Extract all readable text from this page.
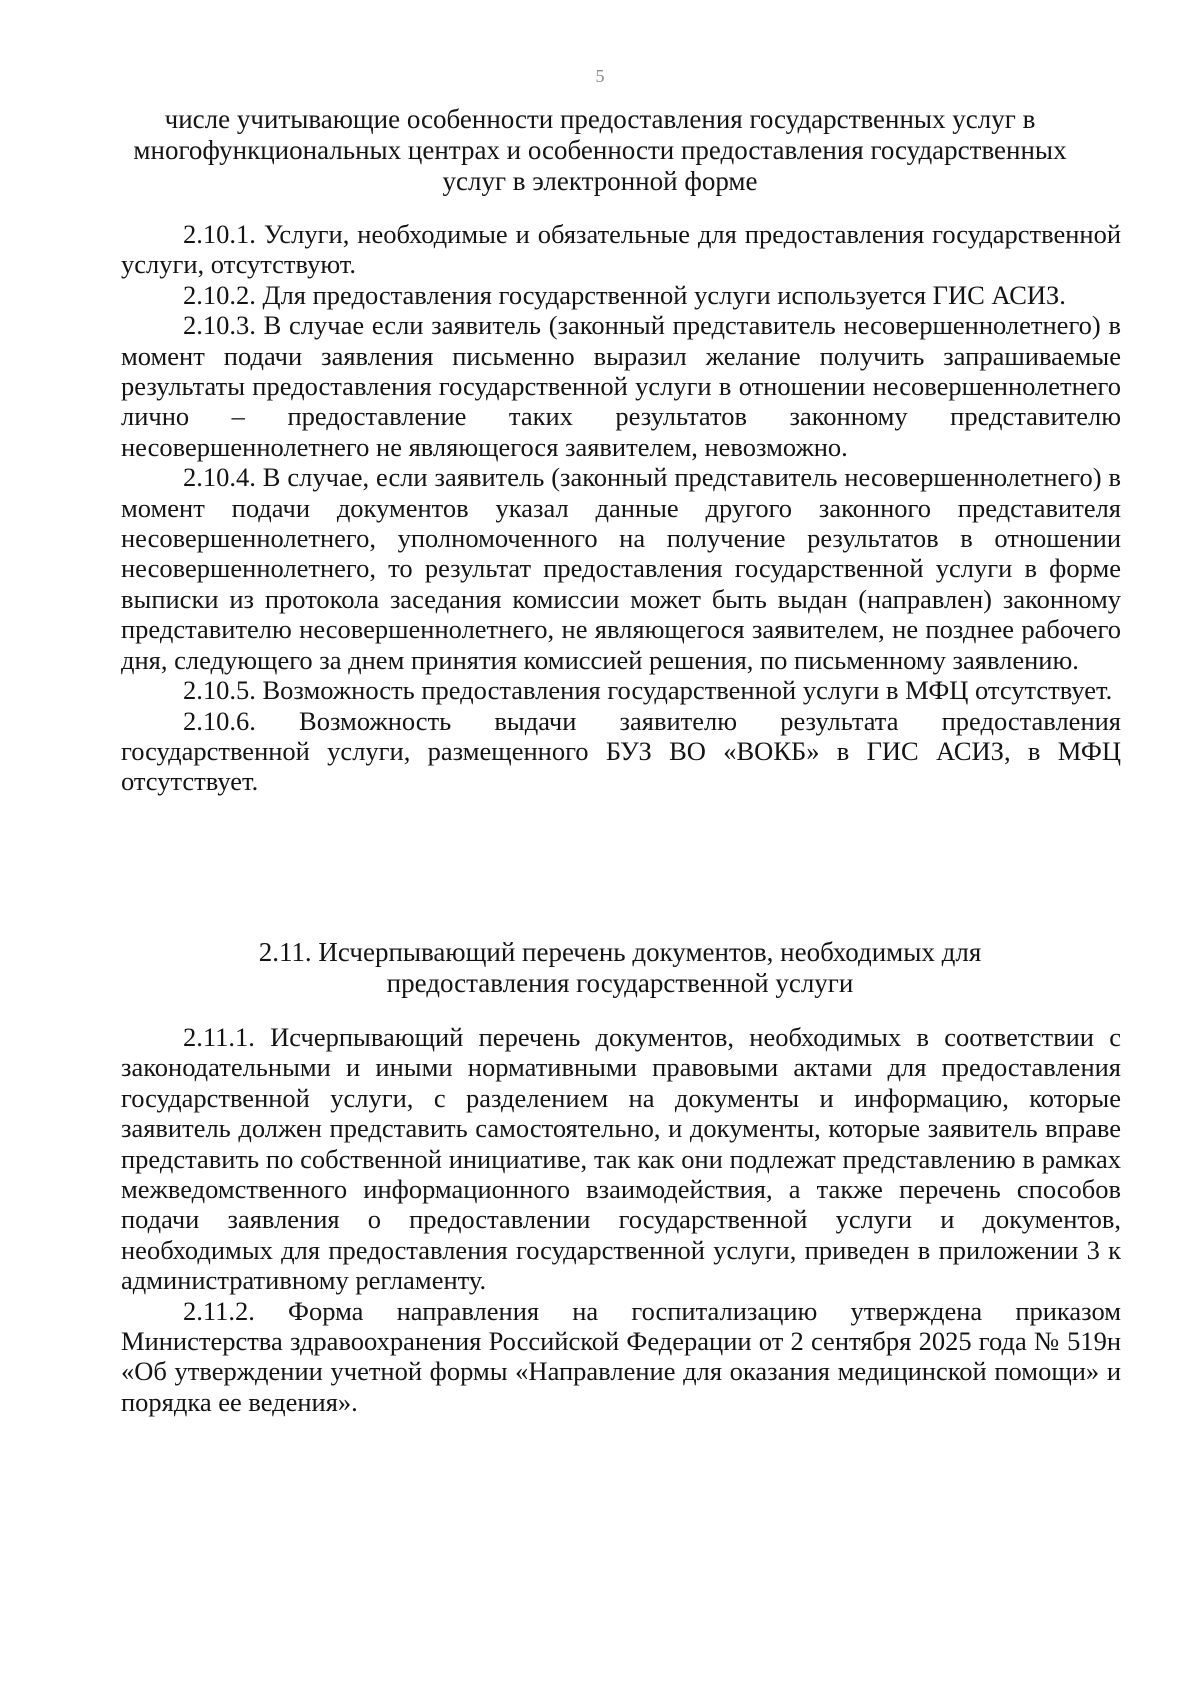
5
числе учитывающие особенности предоставления государственных услуг в
многофункциональных центрах и особенности предоставления государственных
услуг в электронной форме

2.10.1. Услуги, необходимые и обязательные для предоставления государственной услуги, отсутствуют.

2.10.2. Для предоставления государственной услуги используется ГИС АСИЗ.

2.10.3. В случае если заявитель (законный представитель несовершеннолетнего) в момент подачи заявления письменно выразил желание получить запрашиваемые результаты предоставления государственной услуги в отношении несовершеннолетнего лично – предоставление таких результатов законному представителю несовершеннолетнего не являющегося заявителем, невозможно.

2.10.4. В случае, если заявитель (законный представитель несовершеннолетнего) в момент подачи документов указал данные другого законного представителя несовершеннолетнего, уполномоченного на получение результатов в отношении несовершеннолетнего, то результат предоставления государственной услуги в форме выписки из протокола заседания комиссии может быть выдан (направлен) законному представителю несовершеннолетнего, не являющегося заявителем, не позднее рабочего дня, следующего за днем принятия комиссией решения, по письменному заявлению.

2.10.5. Возможность предоставления государственной услуги в МФЦ отсутствует.

2.10.6. Возможность выдачи заявителю результата предоставления государственной услуги, размещенного БУЗ ВО «ВОКБ» в ГИС АСИЗ, в МФЦ отсутствует.

2.11. Исчерпывающий перечень документов, необходимых для
предоставления государственной услуги

2.11.1. Исчерпывающий перечень документов, необходимых в соответствии с законодательными и иными нормативными правовыми актами для предоставления государственной услуги, с разделением на документы и информацию, которые заявитель должен представить самостоятельно, и документы, которые заявитель вправе представить по собственной инициативе, так как они подлежат представлению в рамках межведомственного информационного взаимодействия, а также перечень способов подачи заявления о предоставлении государственной услуги и документов, необходимых для предоставления государственной услуги, приведен в приложении 3 к административному регламенту.

2.11.2. Форма направления на госпитализацию утверждена приказом Министерства здравоохранения Российской Федерации от 2 сентября 2025 года № 519н «Об утверждении учетной формы «Направление для оказания медицинской помощи» и порядка ее ведения».
